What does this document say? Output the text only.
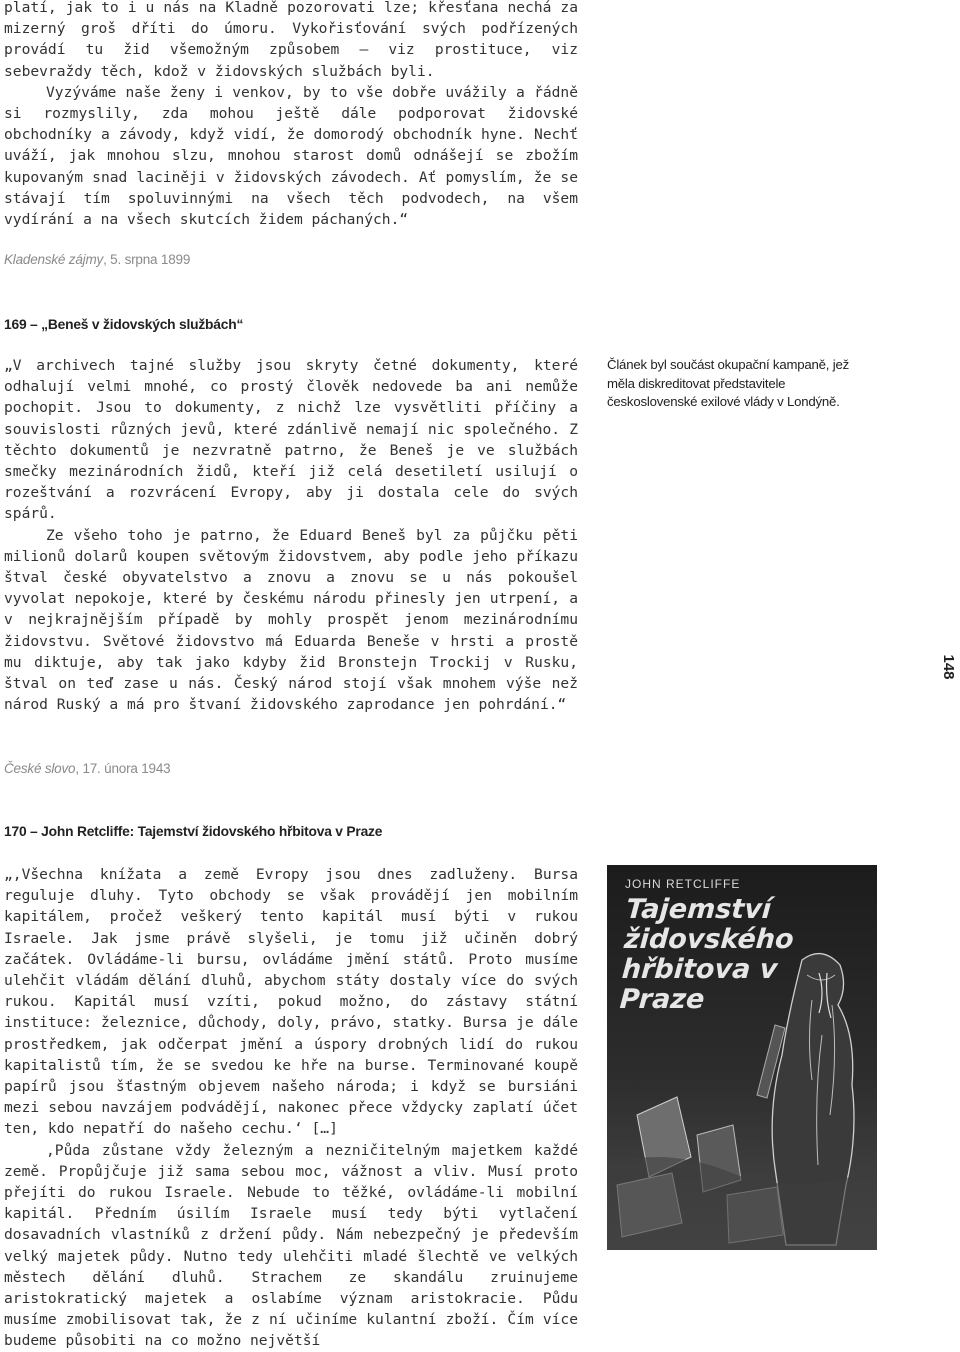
platí, jak to i u nás na Kladně pozorovati lze; křesťana nechá za mizerný groš dříti do úmoru. Vykořisťování svých podřízených provádí tu žid všemožným způsobem – viz prostituce, viz sebevraždy těch, kdož v židovských službách byli.

Vyzýváme naše ženy i venkov, by to vše dobře uvážily a řádně si rozmyslily, zda mohou ještě dále podporovat židovské obchodníky a závody, když vidí, že domorodý obchodník hyne. Nechť uváží, jak mnohou slzu, mnohou starost domů odnášejí se zbožím kupovaným snad laciněji v židovských závodech. Ať pomyslím, že se stávají tím spoluvinnými na všech těch podvodech, na všem vydírání a na všech skutcích židem páchaných.“

Kladenské zájmy, 5. srpna 1899
169 – „Beneš v židovských službách“

„V archivech tajné služby jsou skryty četné dokumenty, které odhalují velmi mnohé, co prostý člověk nedovede ba ani nemůže pochopit. Jsou to dokumenty, z nichž lze vysvětliti příčiny a souvislosti různých jevů, které zdánlivě nemají nic společného. Z těchto dokumentů je nezvratně patrno, že Beneš je ve službách smečky mezinárodních židů, kteří již celá desetiletí usilují o rozeštvání a rozvrácení Evropy, aby ji dostala cele do svých spárů.

Ze všeho toho je patrno, že Eduard Beneš byl za půjčku pěti milionů dolarů koupen světovým židovstvem, aby podle jeho příkazu štval české obyvatelstvo a znovu a znovu se u nás pokoušel vyvolat nepokoje, které by českému národu přinesly jen utrpení, a v nejkrajnějším případě by mohly prospět jenom mezinárodnímu židovstvu. Světové židovstvo má Eduarda Beneše v hrsti a prostě mu diktuje, aby tak jako kdyby žid Bronstejn Trockij v Rusku, štval on teď zase u nás. Český národ stojí však mnohem výše než národ Ruský a má pro štvaní židovského zaprodance jen pohrdání.“

Článek byl součást okupační kampaně, jež měla diskreditovat představitele československé exilové vlády v Londýně.
148
České slovo, 17. února 1943
170 – John Retcliffe: Tajemství židovského hřbitova v Praze

„‚Všechna knížata a země Evropy jsou dnes zadluženy. Bursa reguluje dluhy. Tyto obchody se však provádějí jen mobilním kapitálem, pročež veškerý tento kapitál musí býti v rukou Israele. Jak jsme právě slyšeli, je tomu již učiněn dobrý začátek. Ovládáme-li bursu, ovládáme jmění států. Proto musíme ulehčit vládám dělání dluhů, abychom státy dostaly více do svých rukou. Kapitál musí vzíti, pokud možno, do zástavy státní instituce: železnice, důchody, doly, právo, statky. Bursa je dále prostředkem, jak odčerpat jmění a úspory drobných lidí do rukou kapitalistů tím, že se svedou ke hře na burse. Terminované koupě papírů jsou šťastným objevem našeho národa; i když se bursiáni mezi sebou navzájem podvádějí, nakonec přece vždycky zaplatí účet ten, kdo nepatří do našeho cechu.‘ […]

‚Půda zůstane vždy železným a nezničitelným majetkem každé země. Propůjčuje již sama sebou moc, vážnost a vliv. Musí proto přejíti do rukou Israele. Nebude to těžké, ovládáme-li mobilní kapitál. Předním úsilím Israele musí tedy býti vytlačení dosavadních vlastníků z držení půdy. Nám nebezpečný je především velký majetek půdy. Nutno tedy ulehčiti mladé šlechtě ve velkých městech dělání dluhů. Strachem ze skandálu zruinujeme aristokratický majetek a oslabíme význam aristokracie. Půdu musíme zmobilisovat tak, že z ní učiníme kulantní zboží. Čím více budeme působiti na co možno největší

JOHN RETCLIFFE
Tajemství židovského hřbitova v Praze
